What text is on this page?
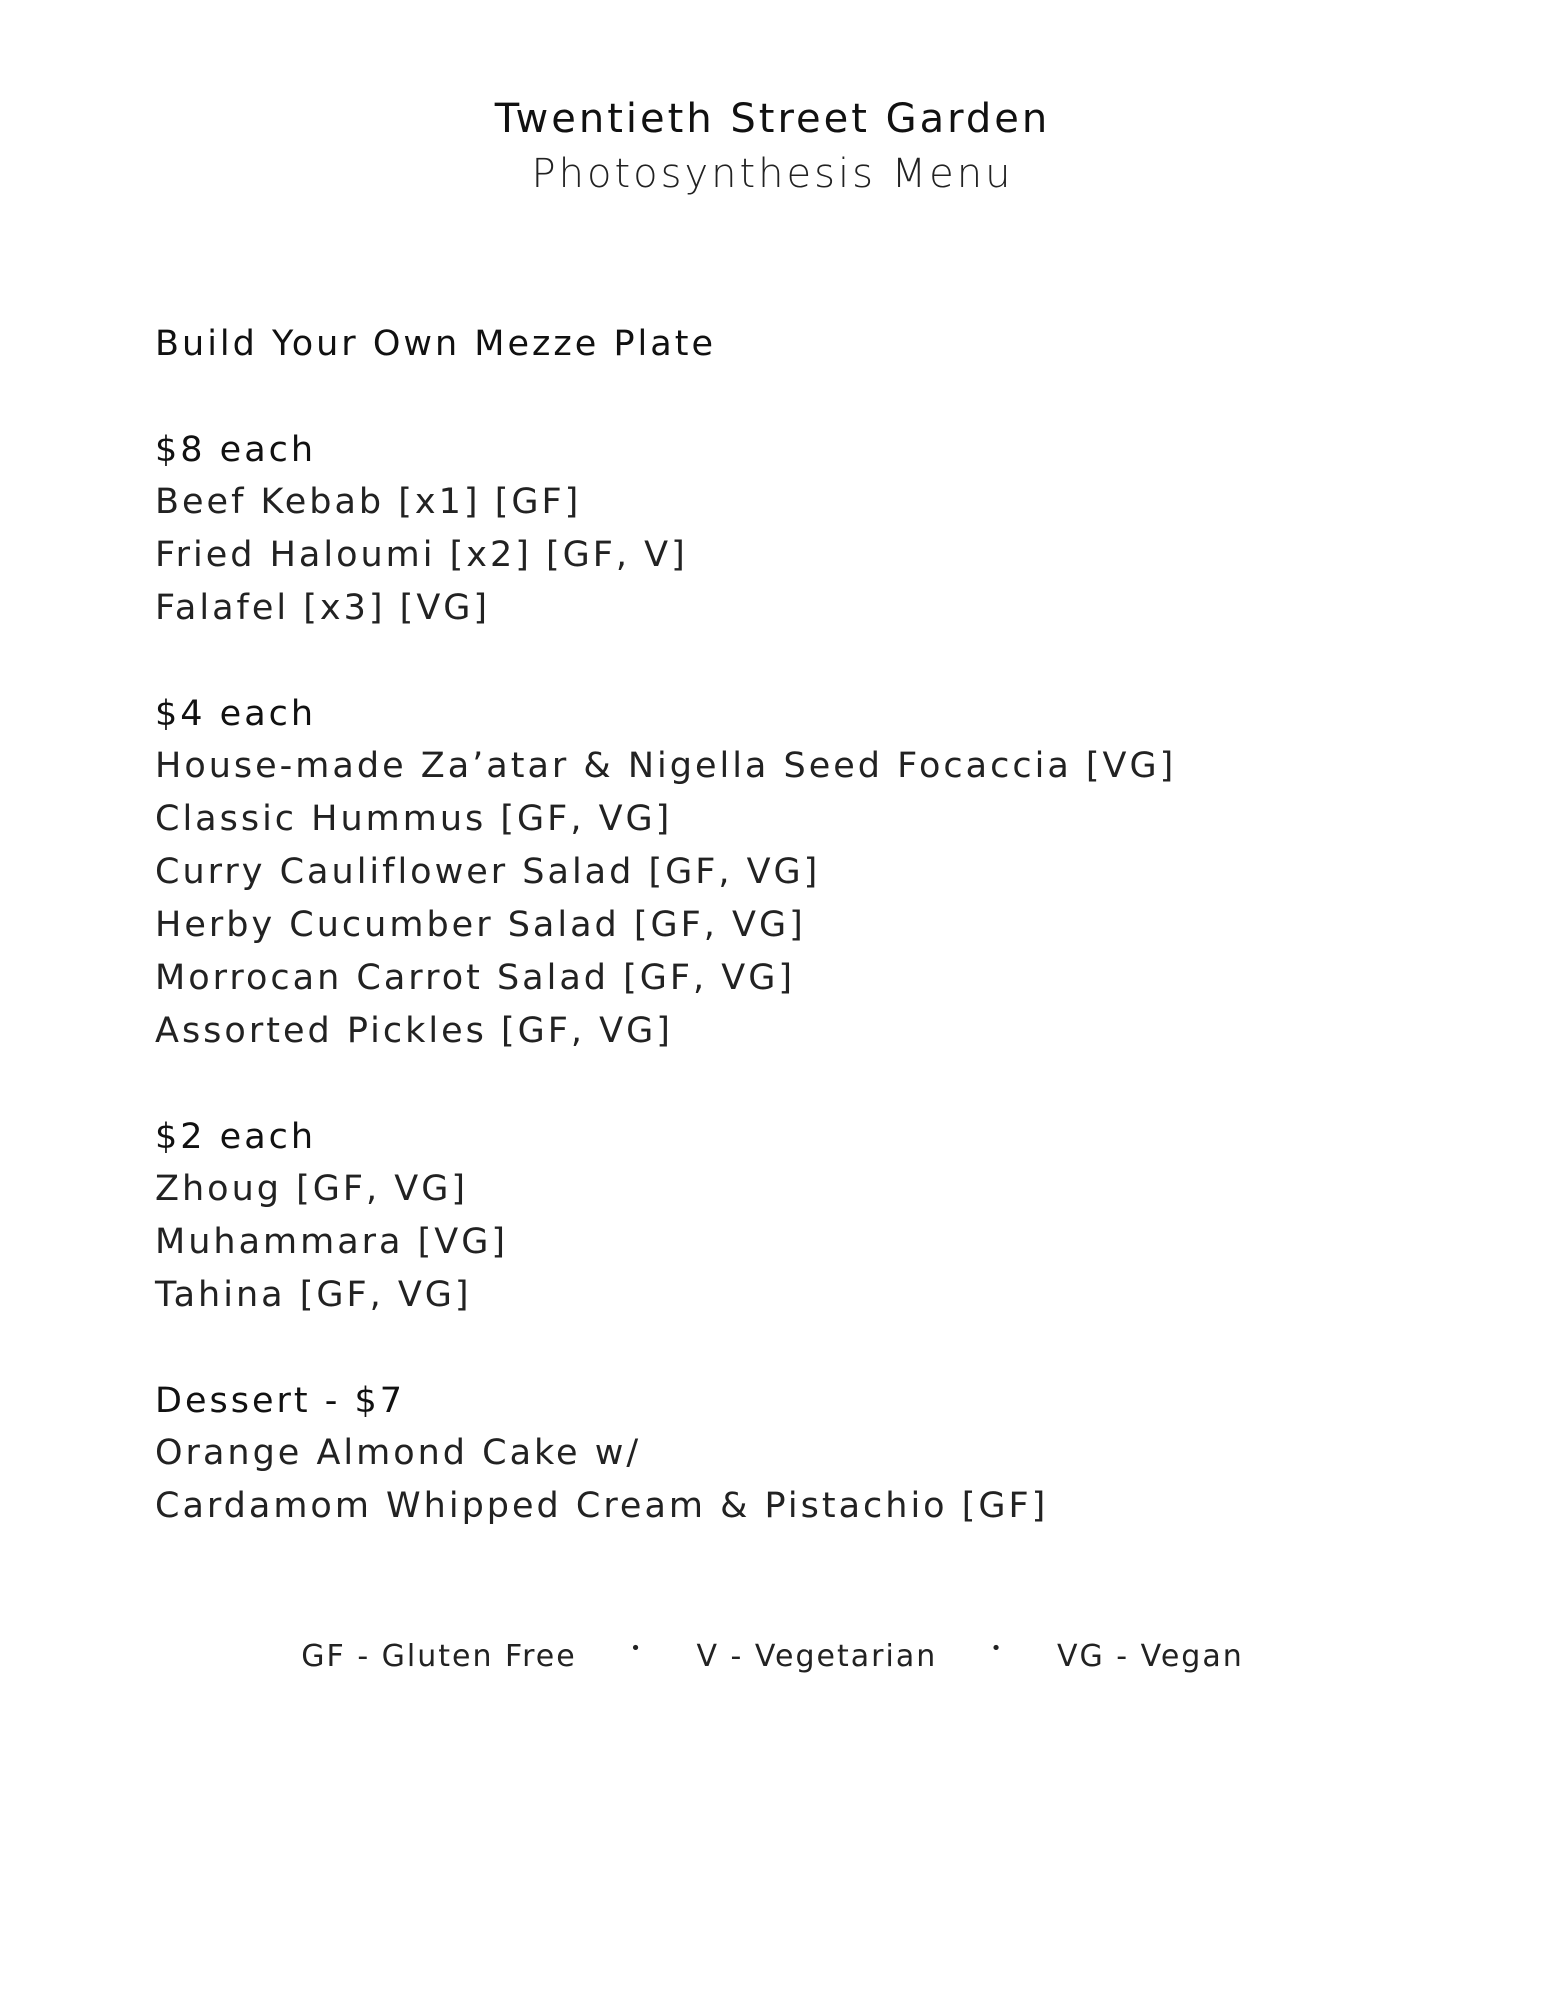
Twentieth Street Garden
Photosynthesis Menu
Build Your Own Mezze Plate
$8 each
Beef Kebab [x1] [GF]
Fried Haloumi [x2] [GF, V]
Falafel [x3] [VG]
$4 each
House-made Za’atar & Nigella Seed Focaccia [VG]
Classic Hummus [GF, VG]
Curry Cauliflower Salad [GF, VG]
Herby Cucumber Salad [GF, VG]
Morrocan Carrot Salad [GF, VG]
Assorted Pickles [GF, VG]
$2 each
Zhoug [GF, VG]
Muhammara [VG]
Tahina [GF, VG]
Dessert - $7
Orange Almond Cake w/
Cardamom Whipped Cream & Pistachio [GF]
GF - Gluten Free	• V - Vegetarian	• VG - Vegan
